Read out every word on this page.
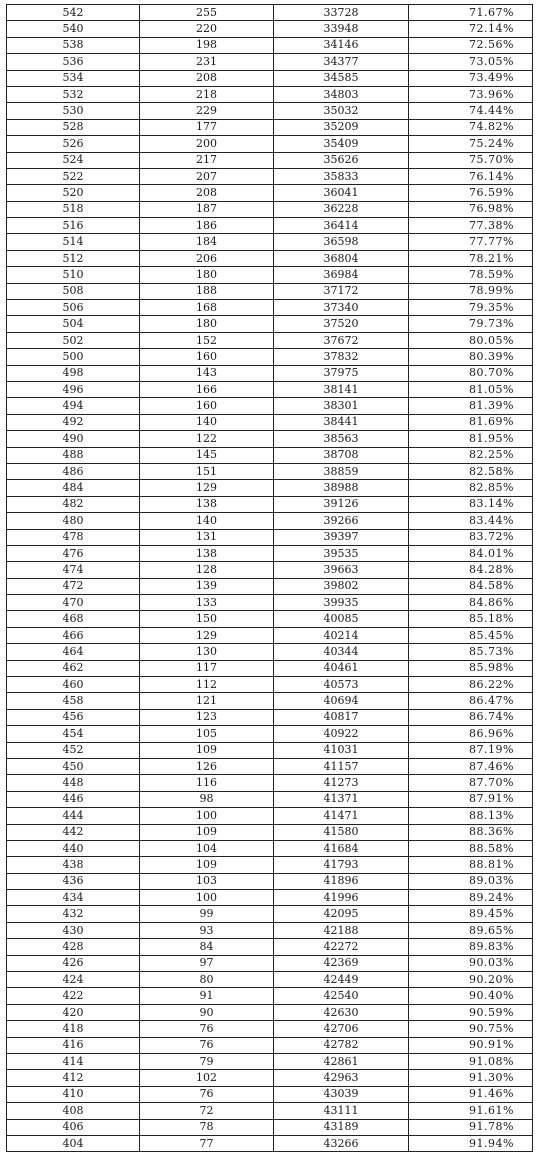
542	255	33728	71.67%
540	220	33948	72.14%
538	198	34146	72.56%
536	231	34377	73.05%
534	208	34585	73.49%
532	218	34803	73.96%
530	229	35032	74.44%
528	177	35209	74.82%
526	200	35409	75.24%
524	217	35626	75.70%
522	207	35833	76.14%
520	208	36041	76.59%
518	187	36228	76.98%
516	186	36414	77.38%
514	184	36598	77.77%
512	206	36804	78.21%
510	180	36984	78.59%
508	188	37172	78.99%
506	168	37340	79.35%
504	180	37520	79.73%
502	152	37672	80.05%
500	160	37832	80.39%
498	143	37975	80.70%
496	166	38141	81.05%
494	160	38301	81.39%
492	140	38441	81.69%
490	122	38563	81.95%
488	145	38708	82.25%
486	151	38859	82.58%
484	129	38988	82.85%
482	138	39126	83.14%
480	140	39266	83.44%
478	131	39397	83.72%
476	138	39535	84.01%
474	128	39663	84.28%
472	139	39802	84.58%
470	133	39935	84.86%
468	150	40085	85.18%
466	129	40214	85.45%
464	130	40344	85.73%
462	117	40461	85.98%
460	112	40573	86.22%
458	121	40694	86.47%
456	123	40817	86.74%
454	105	40922	86.96%
452	109	41031	87.19%
450	126	41157	87.46%
448	116	41273	87.70%
446	98	41371	87.91%
444	100	41471	88.13%
442	109	41580	88.36%
440	104	41684	88.58%
438	109	41793	88.81%
436	103	41896	89.03%
434	100	41996	89.24%
432	99	42095	89.45%
430	93	42188	89.65%
428	84	42272	89.83%
426	97	42369	90.03%
424	80	42449	90.20%
422	91	42540	90.40%
420	90	42630	90.59%
418	76	42706	90.75%
416	76	42782	90.91%
414	79	42861	91.08%
412	102	42963	91.30%
410	76	43039	91.46%
408	72	43111	91.61%
406	78	43189	91.78%
404	77	43266	91.94%
